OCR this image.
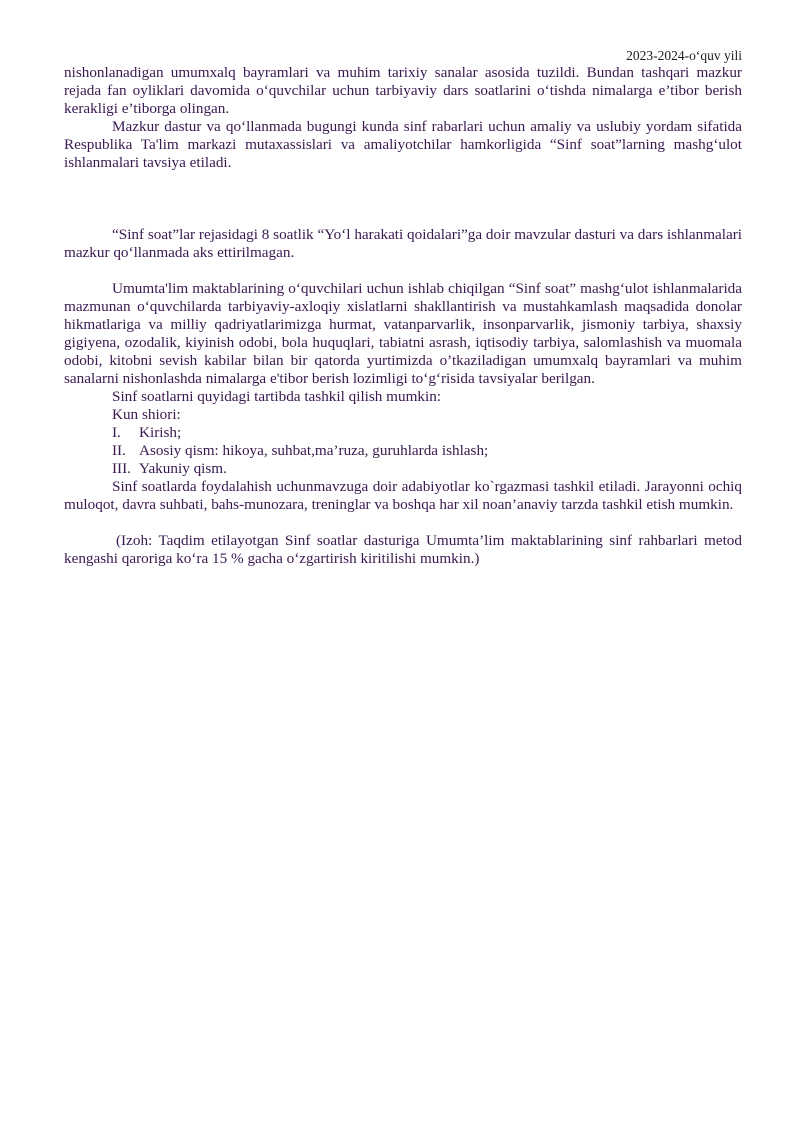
2023-2024-o‘quv yili

nishonlanadigan umumxalq bayramlari va muhim tarixiy sanalar asosida tuzildi. Bundan tashqari mazkur rejada fan oyliklari davomida o‘quvchilar uchun tarbiyaviy dars soatlarini o‘tishda nimalarga e’tibor berish kerakligi e’tiborga olingan.

Mazkur dastur va qo‘llanmada bugungi kunda sinf rabarlari uchun amaliy va uslubiy yordam sifatida Respublika Ta'lim markazi mutaxassislari va amaliyotchilar hamkorligida “Sinf soat”larning mashg‘ulot ishlanmalari tavsiya etiladi.

“Sinf soat”lar rejasidagi 8 soatlik “Yo‘l harakati qoidalari”ga doir mavzular dasturi va dars ishlanmalari mazkur qo‘llanmada aks ettirilmagan.

Umumta'lim maktablarining o‘quvchilari uchun ishlab chiqilgan “Sinf soat” mashg‘ulot ishlanmalarida mazmunan o‘quvchilarda tarbiyaviy-axloqiy xislatlarni shakllantirish va mustahkamlash maqsadida donolar hikmatlariga va milliy qadriyatlarimizga hurmat, vatanparvarlik, insonparvarlik, jismoniy tarbiya, shaxsiy gigiyena, ozodalik, kiyinish odobi, bola huquqlari, tabiatni asrash, iqtisodiy tarbiya, salomlashish va muomala odobi, kitobni sevish kabilar bilan bir qatorda yurtimizda o’tkaziladigan umumxalq bayramlari va muhim sanalarni nishonlashda nimalarga e'tibor berish lozimligi to‘g‘risida tavsiyalar berilgan.

Sinf soatlarni quyidagi tartibda tashkil qilish mumkin:

Kun shiori:

I.	Kirish;
II. Asosiy qism: hikoya, suhbat,ma’ruza, guruhlarda ishlash;
III. Yakuniy qism.

Sinf soatlarda foydalahish uchunmavzuga doir adabiyotlar ko`rgazmasi tashkil etiladi. Jarayonni ochiq muloqot, davra suhbati, bahs-munozara, treninglar va boshqa har xil noan’anaviy tarzda tashkil etish mumkin.

(Izoh: Taqdim etilayotgan Sinf soatlar dasturiga Umumta’lim maktablarining sinf rahbarlari metod kengashi qaroriga ko‘ra 15 % gacha o‘zgartirish kiritilishi mumkin.)
